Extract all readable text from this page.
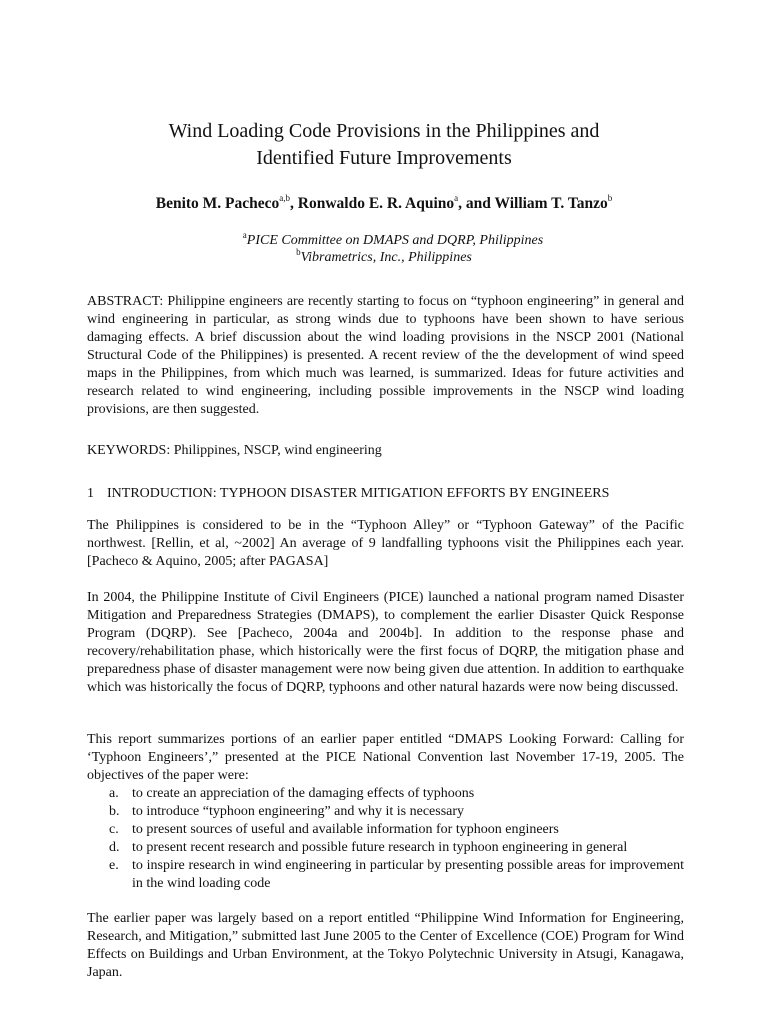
Wind Loading Code Provisions in the Philippines and
Identified Future Improvements
Benito M. Pacheco$^{a,b}$, Ronwaldo E. R. Aquino$^a$, and William T. Tanzo$^b$
$^a$PICE Committee on DMAPS and DQRP, Philippines
$^b$Vibrametrics, Inc., Philippines
ABSTRACT: Philippine engineers are recently starting to focus on “typhoon engineering” in general and wind engineering in particular, as strong winds due to typhoons have been shown to have serious damaging effects. A brief discussion about the wind loading provisions in the NSCP 2001 (National Structural Code of the Philippines) is presented. A recent review of the the development of wind speed maps in the Philippines, from which much was learned, is summarized. Ideas for future activities and research related to wind engineering, including possible improvements in the NSCP wind loading provisions, are then suggested.
KEYWORDS: Philippines, NSCP, wind engineering
1 INTRODUCTION: TYPHOON DISASTER MITIGATION EFFORTS BY ENGINEERS
The Philippines is considered to be in the “Typhoon Alley” or “Typhoon Gateway” of the Pacific northwest. [Rellin, et al, ~2002] An average of 9 landfalling typhoons visit the Philippines each year. [Pacheco & Aquino, 2005; after PAGASA]
In 2004, the Philippine Institute of Civil Engineers (PICE) launched a national program named Disaster Mitigation and Preparedness Strategies (DMAPS), to complement the earlier Disaster Quick Response Program (DQRP). See [Pacheco, 2004a and 2004b]. In addition to the response phase and recovery/rehabilitation phase, which historically were the first focus of DQRP, the mitigation phase and preparedness phase of disaster management were now being given due attention. In addition to earthquake which was historically the focus of DQRP, typhoons and other natural hazards were now being discussed.
This report summarizes portions of an earlier paper entitled “DMAPS Looking Forward: Calling for ‘Typhoon Engineers’,” presented at the PICE National Convention last November 17-19, 2005. The objectives of the paper were:
a. to create an appreciation of the damaging effects of typhoons
b. to introduce “typhoon engineering” and why it is necessary
c. to present sources of useful and available information for typhoon engineers
d. to present recent research and possible future research in typhoon engineering in general
e. to inspire research in wind engineering in particular by presenting possible areas for improvement in the wind loading code
The earlier paper was largely based on a report entitled “Philippine Wind Information for Engineering, Research, and Mitigation,” submitted last June 2005 to the Center of Excellence (COE) Program for Wind Effects on Buildings and Urban Environment, at the Tokyo Polytechnic University in Atsugi, Kanagawa, Japan.
